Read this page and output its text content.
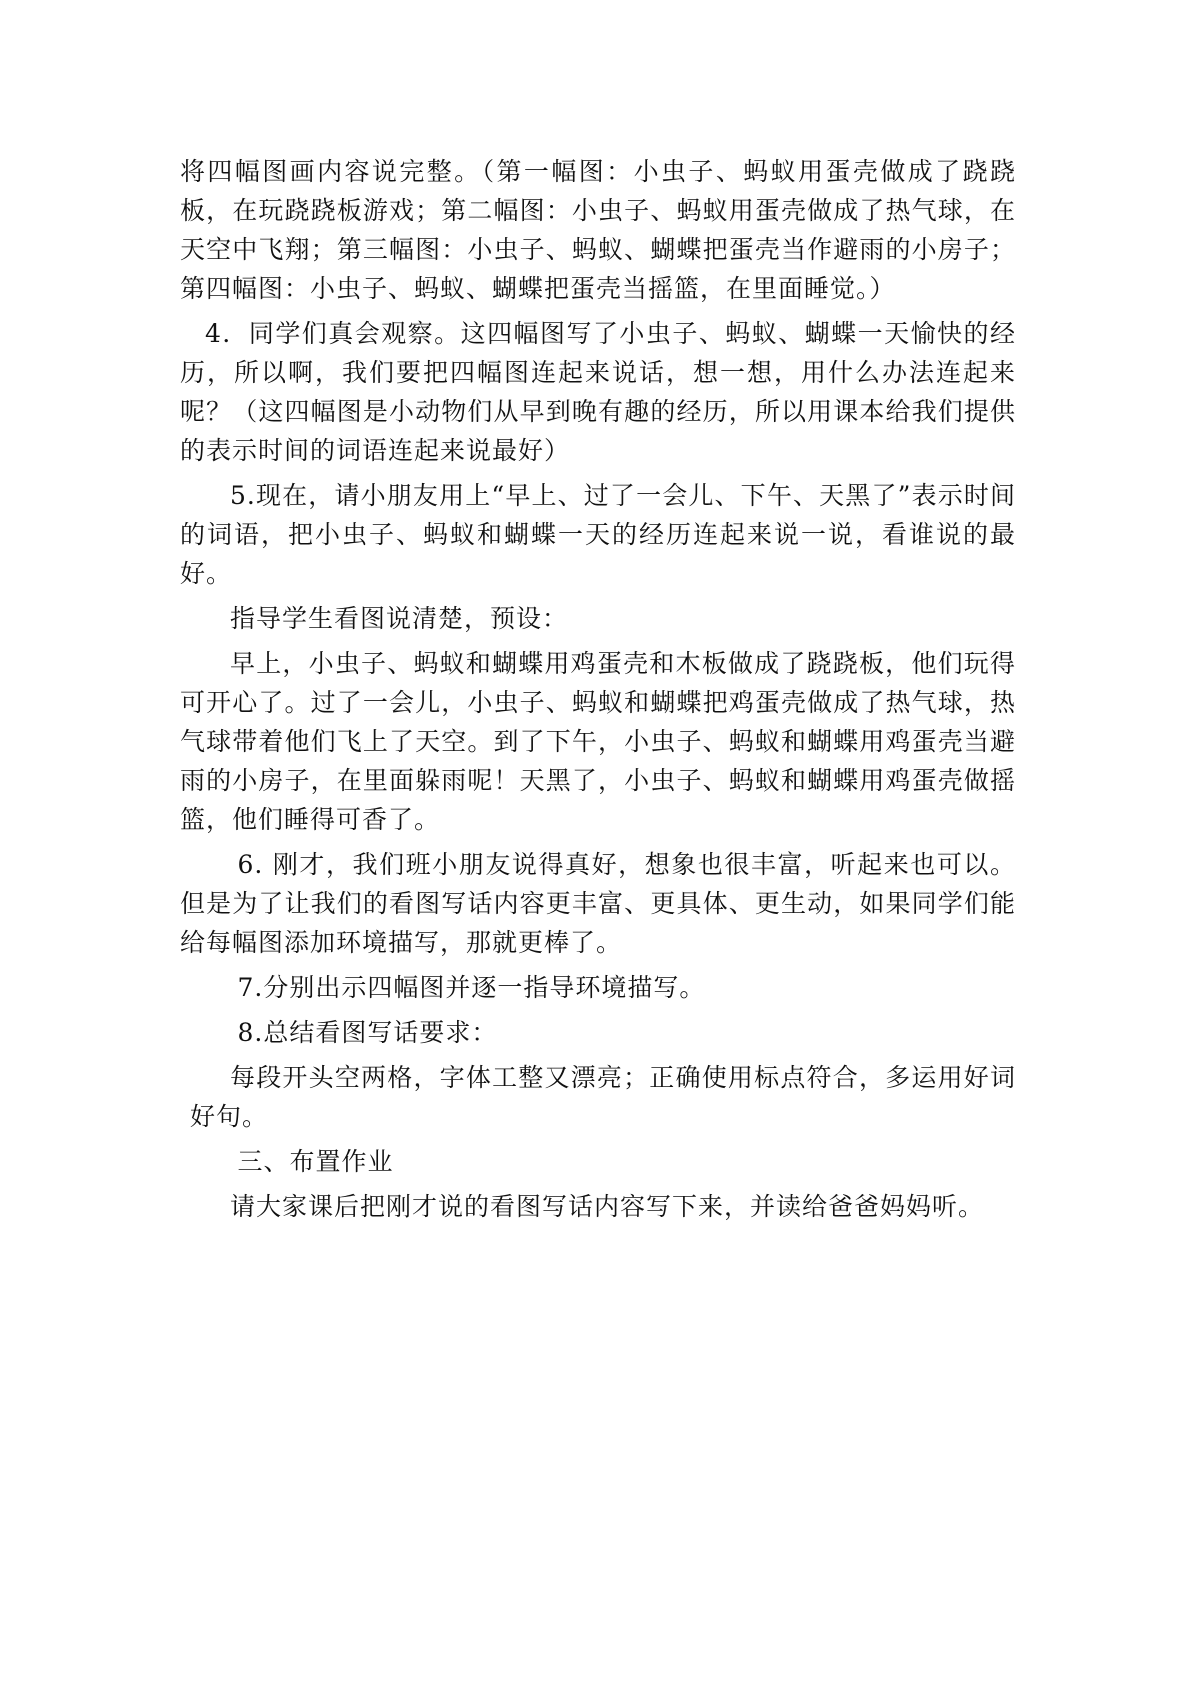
将四幅图画内容说完整。（第一幅图：小虫子、蚂蚁用蛋壳做成了跷跷板，在玩跷跷板游戏；第二幅图：小虫子、蚂蚁用蛋壳做成了热气球，在天空中飞翔；第三幅图：小虫子、蚂蚁、蝴蝶把蛋壳当作避雨的小房子；第四幅图：小虫子、蚂蚁、蝴蝶把蛋壳当摇篮，在里面睡觉。）

4．同学们真会观察。这四幅图写了小虫子、蚂蚁、蝴蝶一天愉快的经历，所以啊，我们要把四幅图连起来说话，想一想，用什么办法连起来呢？（这四幅图是小动物们从早到晚有趣的经历，所以用课本给我们提供的表示时间的词语连起来说最好）

5.现在，请小朋友用上“早上、过了一会儿、下午、天黑了”表示时间的词语，把小虫子、蚂蚁和蝴蝶一天的经历连起来说一说，看谁说的最好。

指导学生看图说清楚，预设：

早上，小虫子、蚂蚁和蝴蝶用鸡蛋壳和木板做成了跷跷板，他们玩得可开心了。过了一会儿，小虫子、蚂蚁和蝴蝶把鸡蛋壳做成了热气球，热气球带着他们飞上了天空。到了下午，小虫子、蚂蚁和蝴蝶用鸡蛋壳当避雨的小房子，在里面躲雨呢！天黑了，小虫子、蚂蚁和蝴蝶用鸡蛋壳做摇篮，他们睡得可香了。

6. 刚才，我们班小朋友说得真好，想象也很丰富，听起来也可以。但是为了让我们的看图写话内容更丰富、更具体、更生动，如果同学们能给每幅图添加环境描写，那就更棒了。

7.分别出示四幅图并逐一指导环境描写。

8.总结看图写话要求：

每段开头空两格，字体工整又漂亮；正确使用标点符合，多运用好词好句。

三、布置作业

请大家课后把刚才说的看图写话内容写下来，并读给爸爸妈妈听。
